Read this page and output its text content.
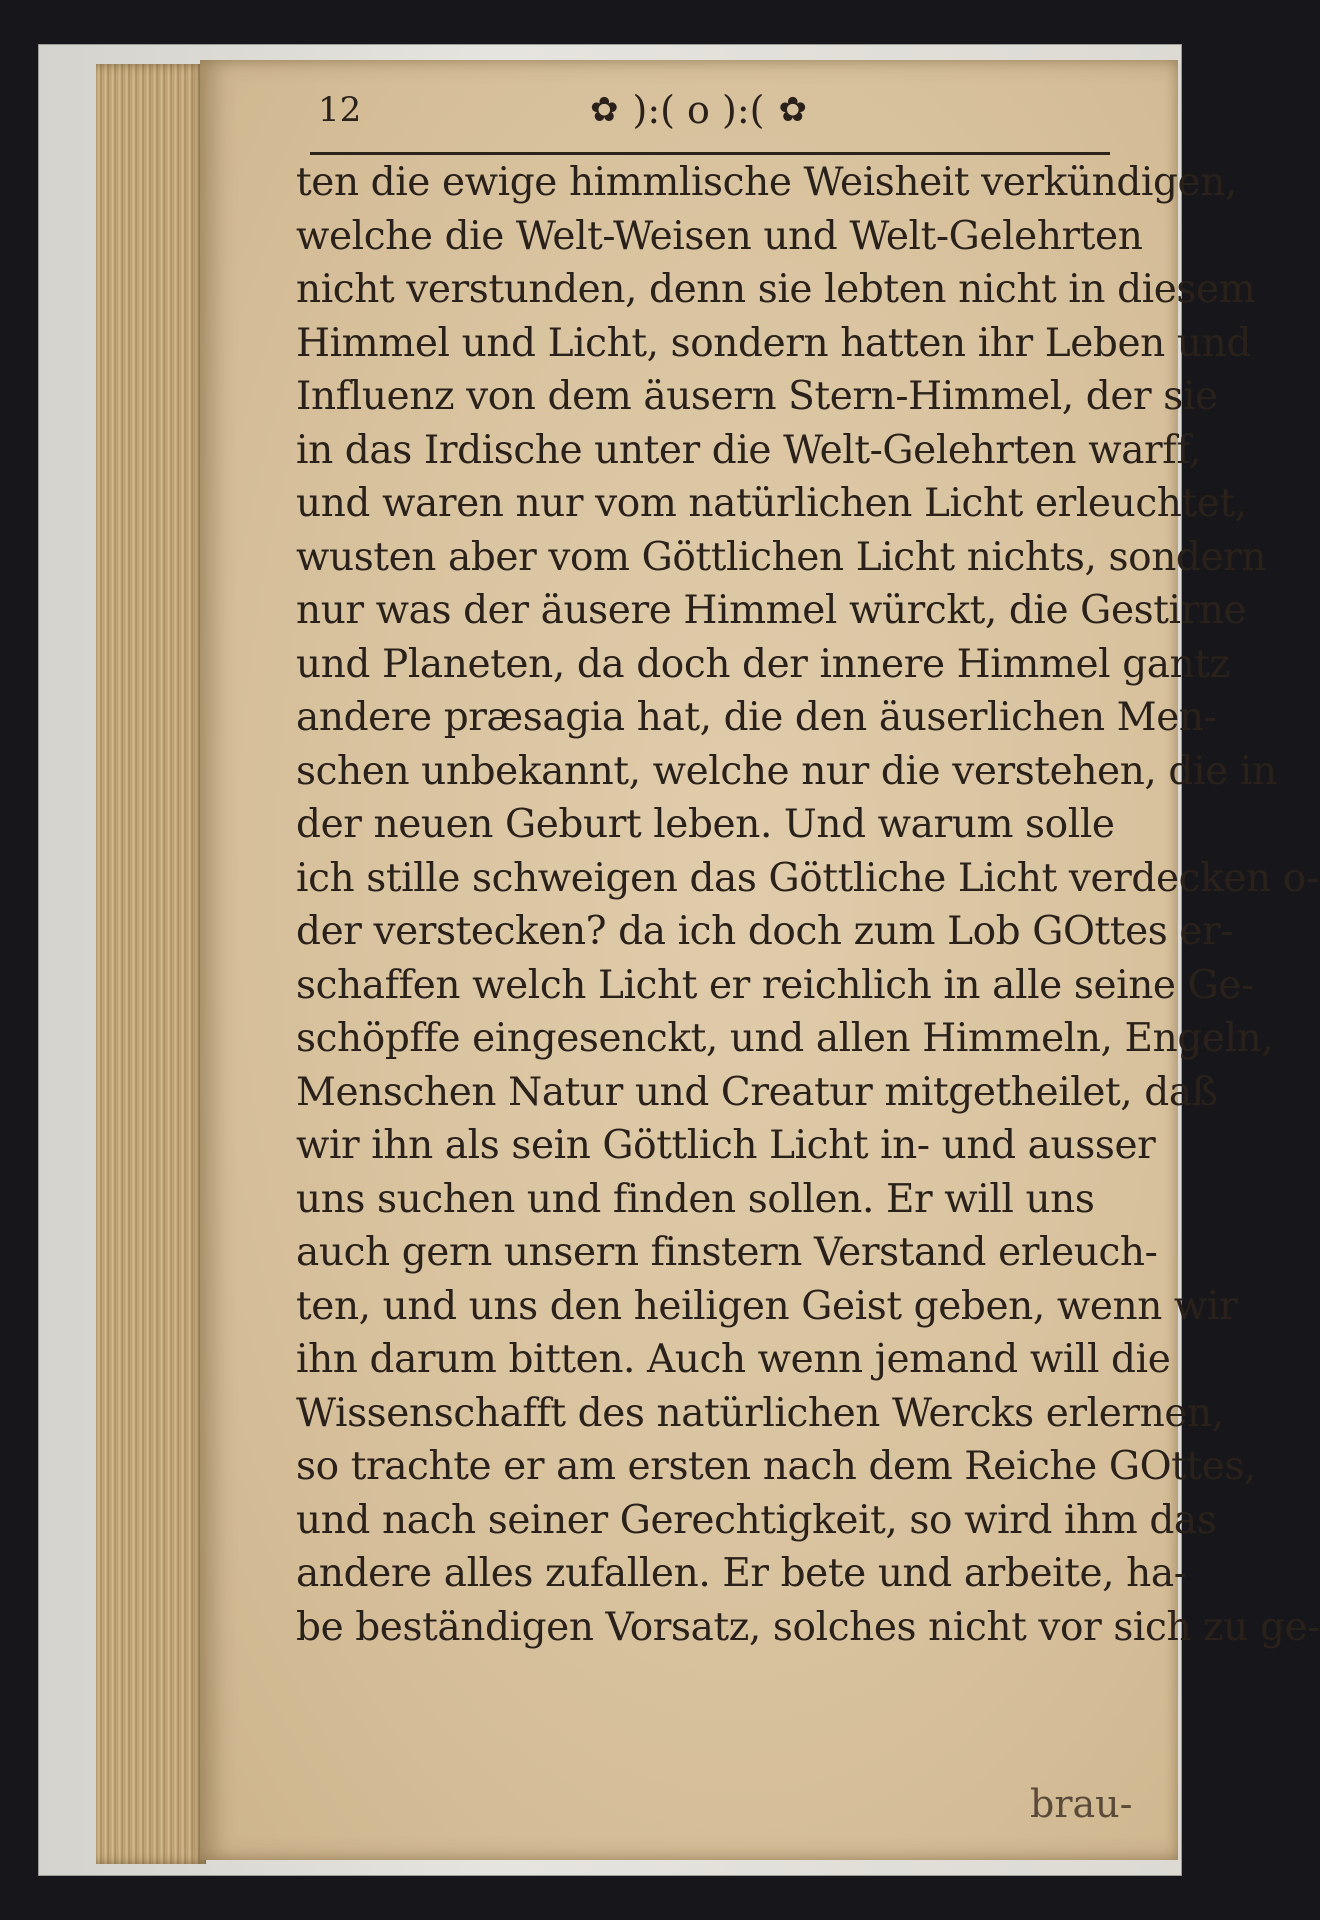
12	✿ ):( o ):( ✿
ten die ewige himmlische Weisheit verkündigen,
welche die Welt-Weisen und Welt-Gelehrten
nicht verstunden, denn sie lebten nicht in diesem
Himmel und Licht, sondern hatten ihr Leben und
Influenz von dem äusern Stern-Himmel, der sie
in das Irdische unter die Welt-Gelehrten warff,
und waren nur vom natürlichen Licht erleuchtet,
wusten aber vom Göttlichen Licht nichts, sondern
nur was der äusere Himmel würckt, die Gestirne
und Planeten, da doch der innere Himmel gantz
andere præsagia hat, die den äuserlichen Men-
schen unbekannt, welche nur die verstehen, die in
der neuen Geburt leben. Und warum solle
ich stille schweigen das Göttliche Licht verdecken o-
der verstecken? da ich doch zum Lob GOttes er-
schaffen welch Licht er reichlich in alle seine Ge-
schöpffe eingesenckt, und allen Himmeln, Engeln,
Menschen Natur und Creatur mitgetheilet, daß
wir ihn als sein Göttlich Licht in- und ausser
uns suchen und finden sollen. Er will uns
auch gern unsern finstern Verstand erleuch-
ten, und uns den heiligen Geist geben, wenn wir
ihn darum bitten. Auch wenn jemand will die
Wissenschafft des natürlichen Wercks erlernen,
so trachte er am ersten nach dem Reiche GOttes,
und nach seiner Gerechtigkeit, so wird ihm das
andere alles zufallen. Er bete und arbeite, ha-
be beständigen Vorsatz, solches nicht vor sich zu ge-
brau-
